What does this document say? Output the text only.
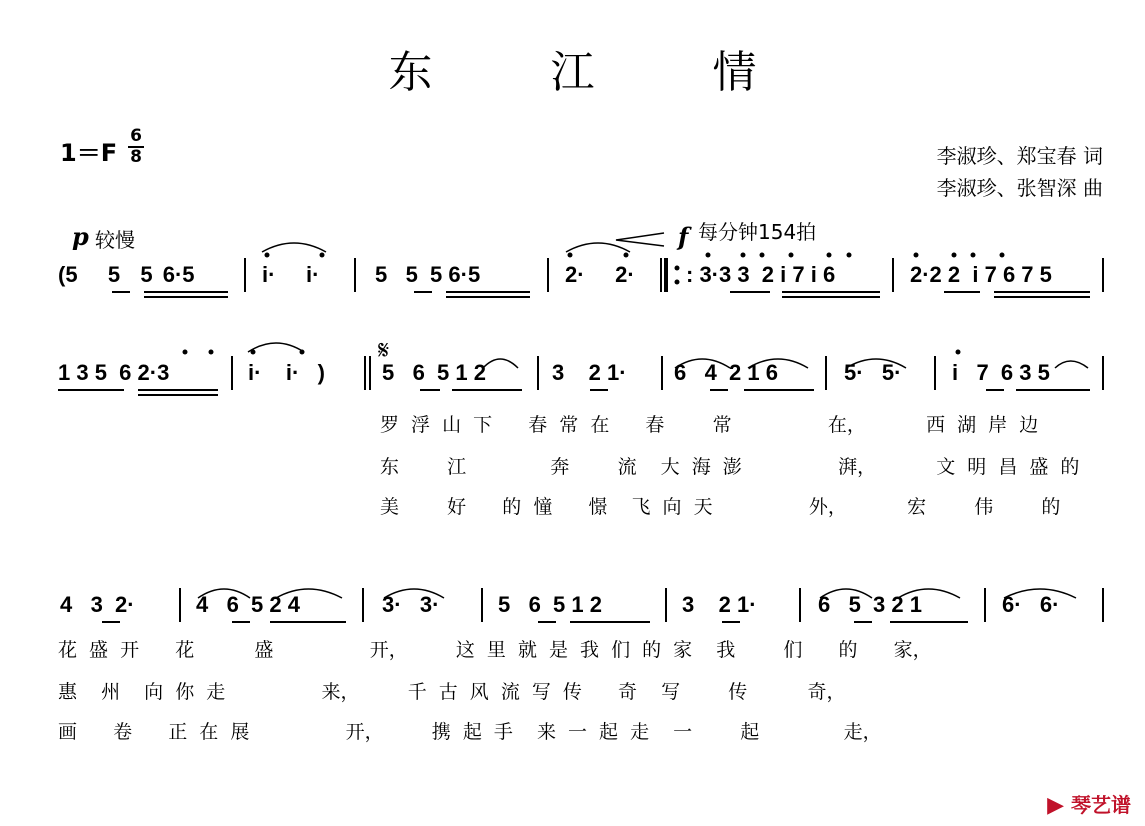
东 江 情
1＝F
6
8	李淑珍、郑宝春 词
李淑珍、张智深 曲
p 较慢	f 每分钟154拍
𝄋
(5   5  5 6·5	i·     i·	5   5  5 6·5	2·     2· : 3·3 3  2 i 7 i 6	2·2 2  i 7 6 7 5
1 3 5  6 2·3	i·    i·   )	5   6  5 1 2	3    2 1· 6   4  2 1 6	5·   5· i   7  6 3 5
4   3  2·	4   6  5 2 4	3·   3·	5   6  5 1 2	3    2 1·	6   5  3 2 1	6·   6·
罗 浮 山 下   春 常 在   春    常        在，     西 湖 岸 边
东    江       奔    流  大 海 澎        湃，     文 明 昌 盛 的
美    好   的 憧   憬  飞 向 天        外，     宏    伟    的
花 盛 开   花     盛        开，    这 里 就 是 我 们 的 家  我    们   的   家，
惠  州  向 你 走        来，    千 古 风 流 写 传   奇  写    传     奇，
画   卷   正 在 展        开，    携 起 手  来 一 起 走  一    起       走，
▶ 琴艺谱
